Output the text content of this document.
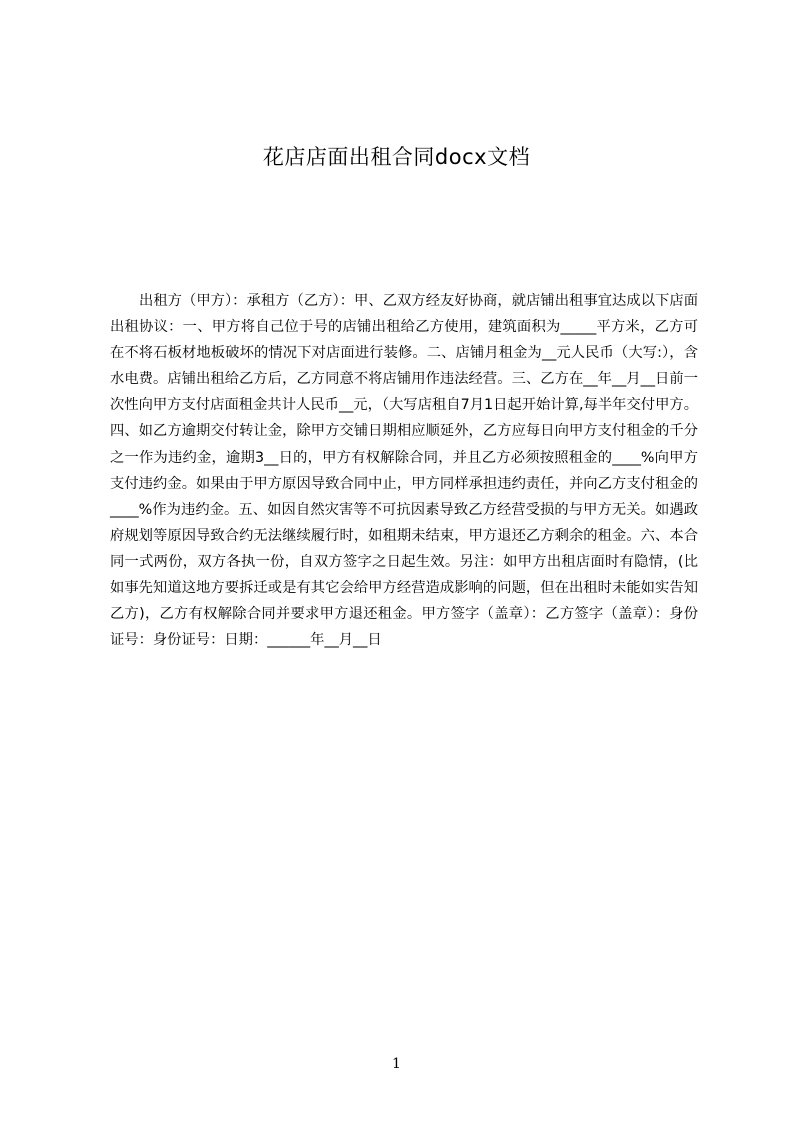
花店店面出租合同docx文档

出租方（甲方）：承租方（乙方）：甲、乙双方经友好协商，就店铺出租事宜达成以下店面出租协议：一、甲方将自己位于号的店铺出租给乙方使用，建筑面积为_____平方米，乙方可在不将石板材地板破坏的情况下对店面进行装修。二、店铺月租金为__元人民币（大写:），含水电费。店铺出租给乙方后，乙方同意不将店铺用作违法经营。三、乙方在__年__月__日前一次性向甲方支付店面租金共计人民币__元，（大写店租自7月1日起开始计算,每半年交付甲方。 四、如乙方逾期交付转让金，除甲方交铺日期相应顺延外，乙方应每日向甲方支付租金的千分之一作为违约金，逾期3__日的，甲方有权解除合同，并且乙方必须按照租金的____%向甲方支付违约金。如果由于甲方原因导致合同中止，甲方同样承担违约责任，并向乙方支付租金的____%作为违约金。五、如因自然灾害等不可抗因素导致乙方经营受损的与甲方无关。如遇政府规划等原因导致合约无法继续履行时，如租期未结束，甲方退还乙方剩余的租金。六、本合同一式两份，双方各执一份，自双方签字之日起生效。另注：如甲方出租店面时有隐情，(比如事先知道这地方要拆迁或是有其它会给甲方经营造成影响的问题，但在出租时未能如实告知乙方)，乙方有权解除合同并要求甲方退还租金。甲方签字（盖章）：乙方签字（盖章）：身份证号：身份证号：日期：______年__月__日

1
